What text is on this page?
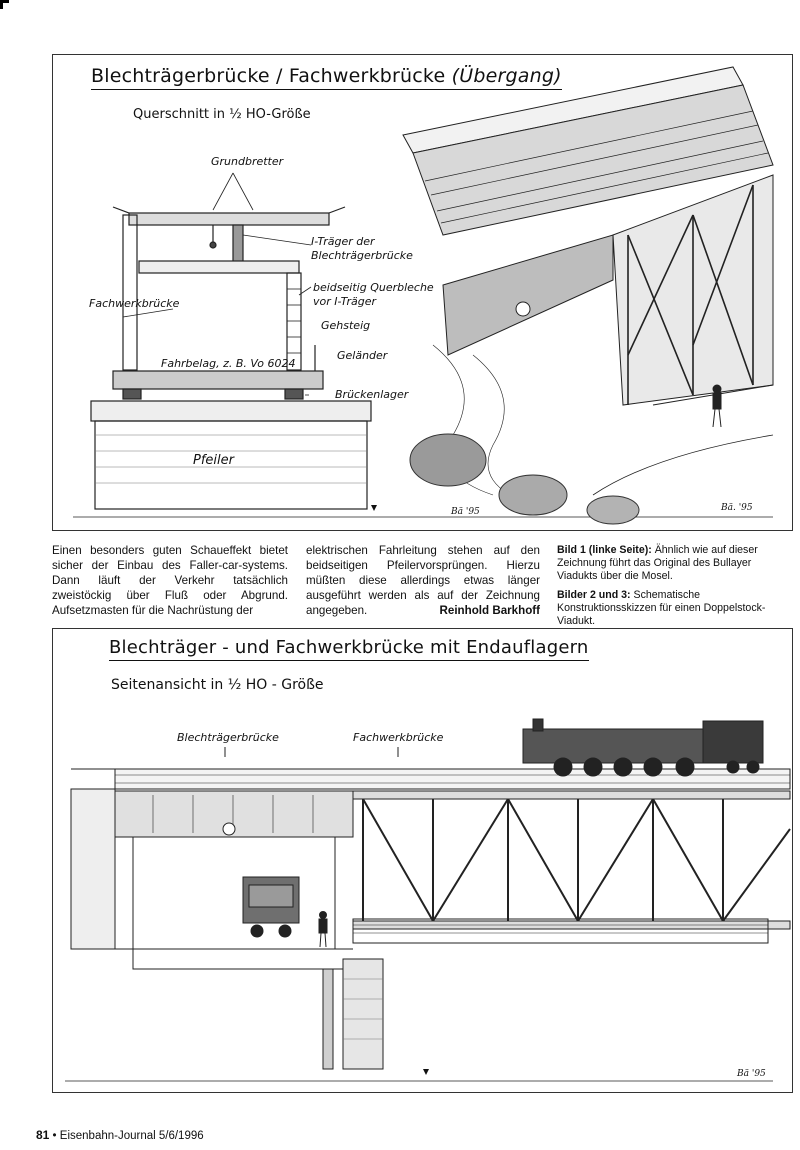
Blechträgerbrücke / Fachwerkbrücke (Übergang)
Querschnitt in ½ HO-Größe
Grundbretter
I-Träger der
Blechträgerbrücke
beidseitig Querbleche
vor I-Träger
Fachwerkbrücke
Gehsteig
Fahrbelag, z. B. Vo 6024
Geländer
Brückenlager
Pfeiler
Bä '95	Bä. '95

Einen besonders guten Schaueffekt bietet sicher der Einbau des Faller-car-systems. Dann läuft der Verkehr tatsächlich zweistöckig über Fluß oder Abgrund. Aufsetzmasten für die Nachrüstung der

elektrischen Fahrleitung stehen auf den beidseitigen Pfeilervorsprüngen. Hierzu müßten diese allerdings etwas länger ausgeführt werden als auf der Zeichnung angegeben.	Reinhold Barkhoff

Bild 1 (linke Seite): Ähnlich wie auf dieser Zeichnung führt das Original des Bullayer Viadukts über die Mosel.

Bilder 2 und 3: Schematische Konstruktionsskizzen für einen Doppelstock-Viadukt.

Blechträger - und Fachwerkbrücke mit Endauflagern
Seitenansicht in ½ HO - Größe
Blechträgerbrücke	Fachwerkbrücke
Bä '95
81 • Eisenbahn-Journal 5/6/1996
